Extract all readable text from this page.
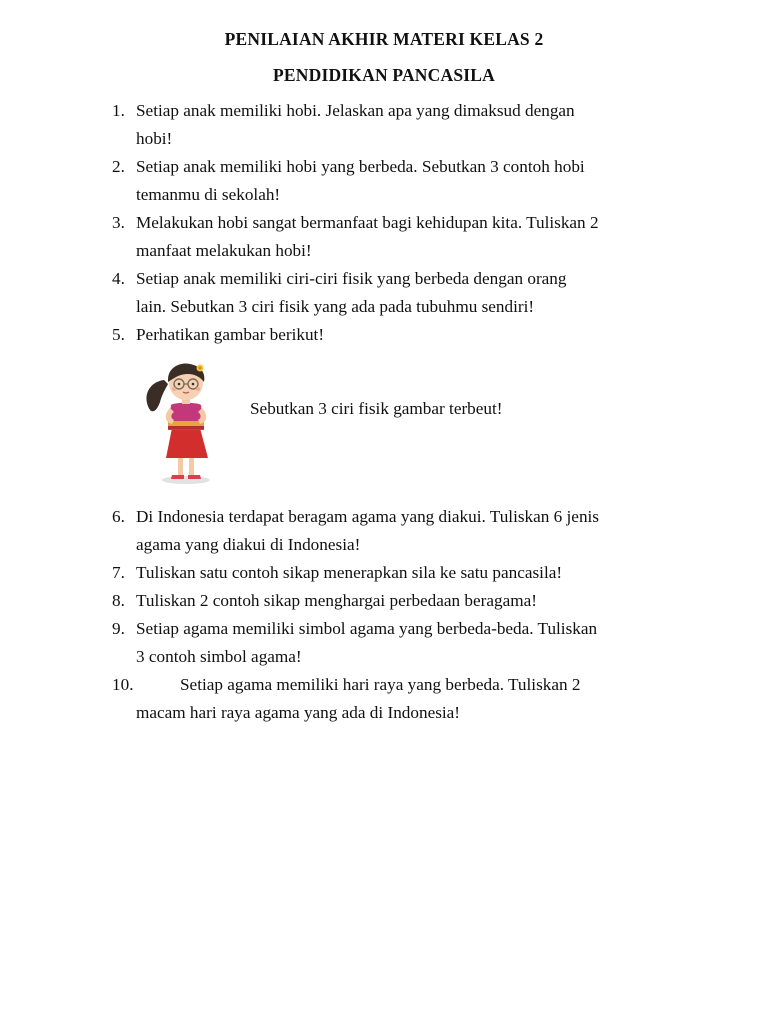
PENILAIAN AKHIR MATERI KELAS 2
PENDIDIKAN PANCASILA
1. Setiap anak memiliki hobi. Jelaskan apa yang dimaksud dengan
hobi!
2. Setiap anak memiliki hobi yang berbeda. Sebutkan 3 contoh hobi
temanmu di sekolah!
3. Melakukan hobi sangat bermanfaat bagi kehidupan kita. Tuliskan 2
manfaat melakukan hobi!
4. Setiap anak memiliki ciri-ciri fisik yang berbeda dengan orang
lain. Sebutkan 3 ciri fisik yang ada pada tubuhmu sendiri!
5. Perhatikan gambar berikut!
Sebutkan 3 ciri fisik gambar terbeut!
6. Di Indonesia terdapat beragam agama yang diakui. Tuliskan 6 jenis
agama yang diakui di Indonesia!
7. Tuliskan satu contoh sikap menerapkan sila ke satu pancasila!
8. Tuliskan 2 contoh sikap menghargai perbedaan beragama!
9. Setiap agama memiliki simbol agama yang berbeda-beda. Tuliskan
3 contoh simbol agama!
10.	Setiap agama memiliki hari raya yang berbeda. Tuliskan 2
macam hari raya agama yang ada di Indonesia!
